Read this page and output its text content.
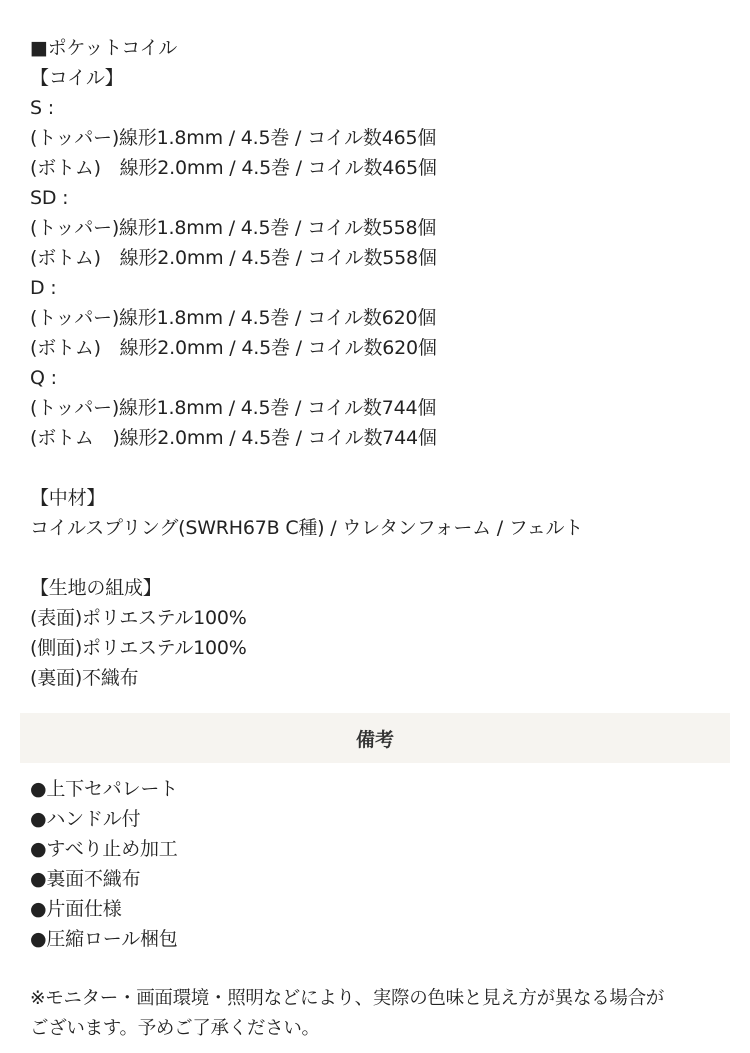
■ポケットコイル
【コイル】
S :
(トッパー)線形1.8mm / 4.5巻 / コイル数465個
(ボトム)　線形2.0mm / 4.5巻 / コイル数465個
SD :
(トッパー)線形1.8mm / 4.5巻 / コイル数558個
(ボトム)　線形2.0mm / 4.5巻 / コイル数558個
D :
(トッパー)線形1.8mm / 4.5巻 / コイル数620個
(ボトム)　線形2.0mm / 4.5巻 / コイル数620個
Q :
(トッパー)線形1.8mm / 4.5巻 / コイル数744個
(ボトム　)線形2.0mm / 4.5巻 / コイル数744個
【中材】
コイルスプリング(SWRH67B C種) / ウレタンフォーム / フェルト
【生地の組成】
(表面)ポリエステル100%
(側面)ポリエステル100%
(裏面)不織布
備考
●上下セパレート
●ハンドル付
●すべり止め加工
●裏面不織布
●片面仕様
●圧縮ロール梱包
※モニター・画面環境・照明などにより、実際の色味と見え方が異なる場合が
ございます。予めご了承ください。
